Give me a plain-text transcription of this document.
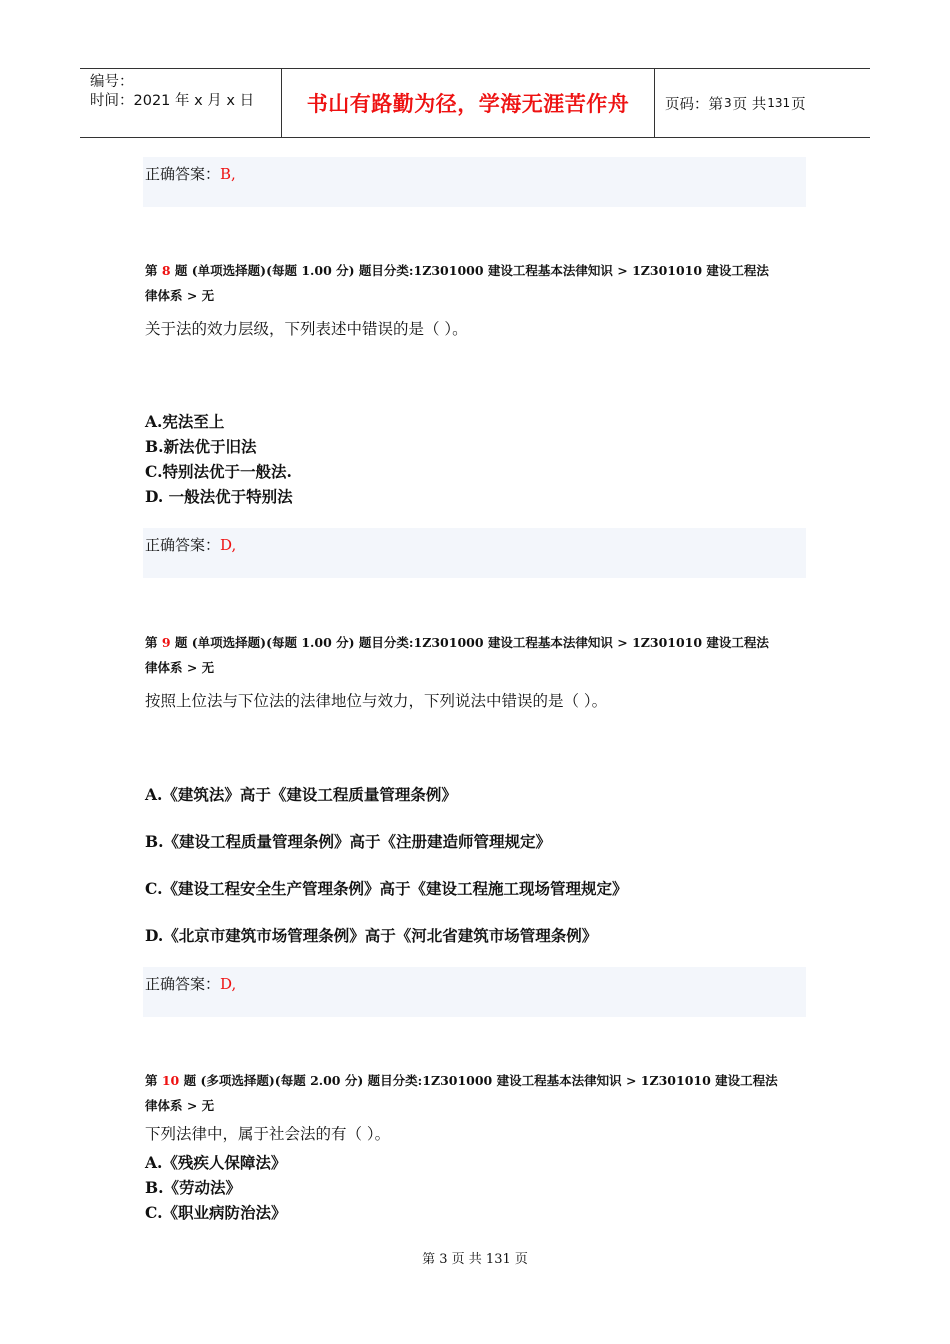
编号：
时间：2021 年 x 月 x 日	书山有路勤为径，学海无涯苦作舟 页码：第 3 页 共 131 页
正确答案：B,
第 8 题 (单项选择题)(每题 1.00 分) 题目分类:1Z301000 建设工程基本法律知识 > 1Z301010 建设工程法
律体系 > 无
关于法的效力层级，下列表述中错误的是（ ）。
A.宪法至上
B.新法优于旧法
C.特别法优于一般法.
D. 一般法优于特别法
正确答案：D,
第 9 题 (单项选择题)(每题 1.00 分) 题目分类:1Z301000 建设工程基本法律知识 > 1Z301010 建设工程法
律体系 > 无
按照上位法与下位法的法律地位与效力，下列说法中错误的是（ ）。
A.《建筑法》高于《建设工程质量管理条例》
B.《建设工程质量管理条例》高于《注册建造师管理规定》
C.《建设工程安全生产管理条例》高于《建设工程施工现场管理规定》
D.《北京市建筑市场管理条例》高于《河北省建筑市场管理条例》
正确答案：D,
第 10 题 (多项选择题)(每题 2.00 分) 题目分类:1Z301000 建设工程基本法律知识 > 1Z301010 建设工程法
律体系 > 无
下列法律中，属于社会法的有（ ）。
A.《残疾人保障法》
B.《劳动法》
C.《职业病防治法》
第 3 页 共 131 页
